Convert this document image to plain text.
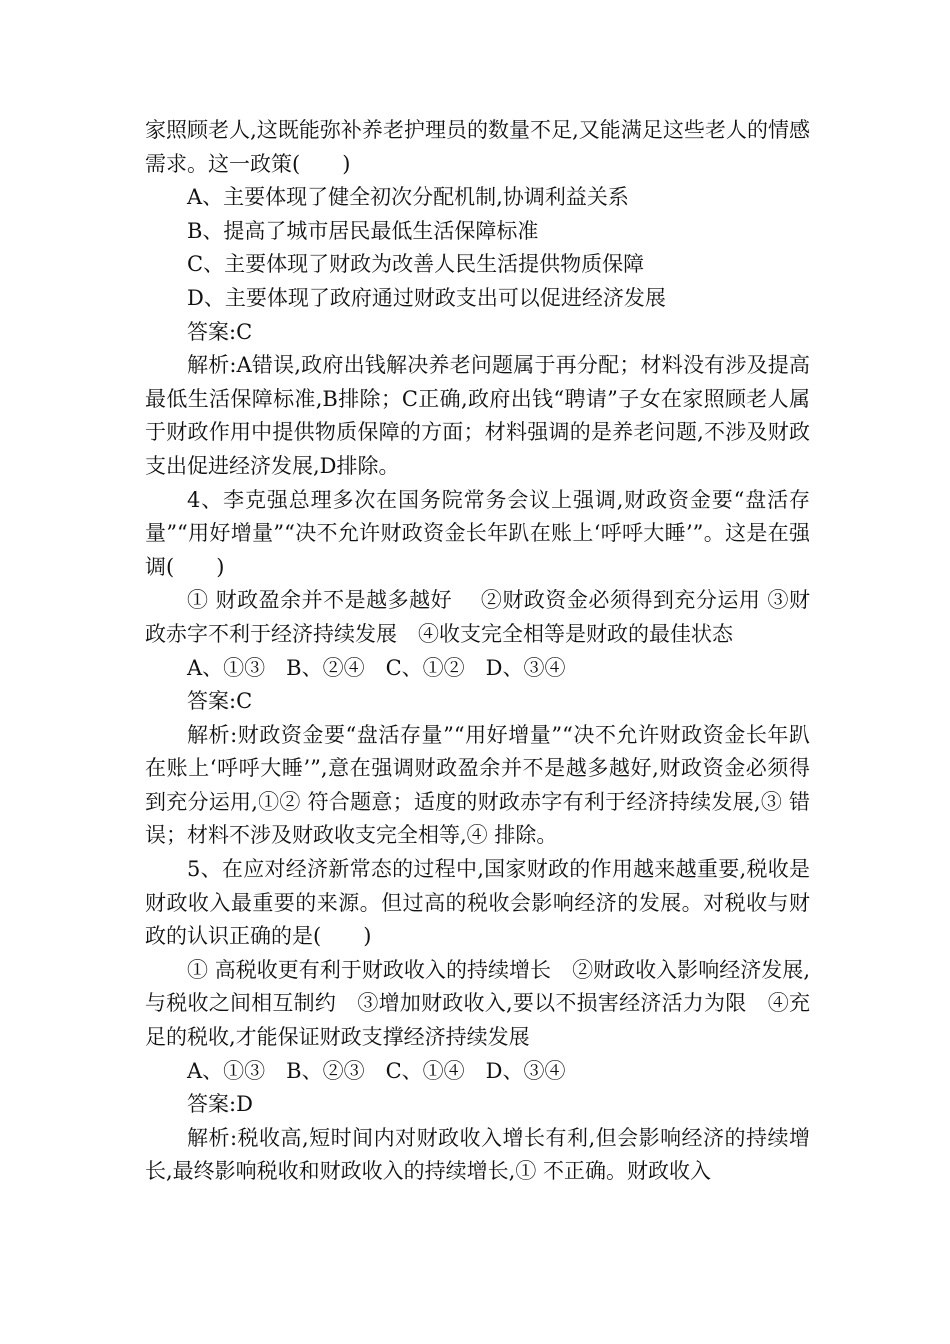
家照顾老人,这既能弥补养老护理员的数量不足,又能满足这些老人的情感需求。这一政策(　　)

A、主要体现了健全初次分配机制,协调利益关系

B、提高了城市居民最低生活保障标准

C、主要体现了财政为改善人民生活提供物质保障

D、主要体现了政府通过财政支出可以促进经济发展

答案:C

解析:A错误,政府出钱解决养老问题属于再分配；材料没有涉及提高最低生活保障标准,B排除；C正确,政府出钱“聘请”子女在家照顾老人属于财政作用中提供物质保障的方面；材料强调的是养老问题,不涉及财政支出促进经济发展,D排除。

4、李克强总理多次在国务院常务会议上强调,财政资金要“盘活存量”“用好增量”“决不允许财政资金长年趴在账上‘呼呼大睡’”。这是在强调(　　)

① 财政盈余并不是越多越好　 ②财政资金必须得到充分运用 ③财政赤字不利于经济持续发展　④收支完全相等是财政的最佳状态

A、①③　B、②④　C、①②　D、③④

答案:C

解析:财政资金要“盘活存量”“用好增量”“决不允许财政资金长年趴在账上‘呼呼大睡’”,意在强调财政盈余并不是越多越好,财政资金必须得到充分运用,①② 符合题意；适度的财政赤字有利于经济持续发展,③ 错误；材料不涉及财政收支完全相等,④ 排除。

5、在应对经济新常态的过程中,国家财政的作用越来越重要,税收是财政收入最重要的来源。但过高的税收会影响经济的发展。对税收与财政的认识正确的是(　　)

① 高税收更有利于财政收入的持续增长　②财政收入影响经济发展,与税收之间相互制约　③增加财政收入,要以不损害经济活力为限　④充足的税收,才能保证财政支撑经济持续发展

A、①③　B、②③　C、①④　D、③④

答案:D

解析:税收高,短时间内对财政收入增长有利,但会影响经济的持续增长,最终影响税收和财政收入的持续增长,① 不正确。财政收入
